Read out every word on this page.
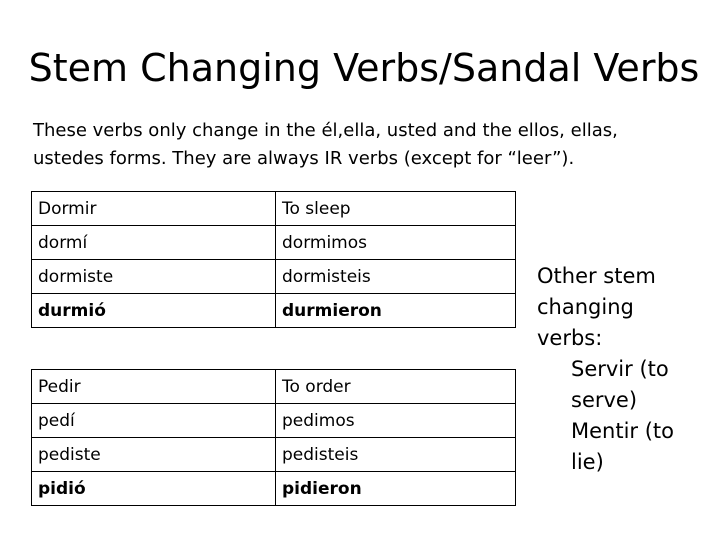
Stem Changing Verbs/Sandal Verbs
These verbs only change in the él,ella, usted and the ellos, ellas,
ustedes forms. They are always IR verbs (except for “leer”).
Dormir	To sleep
dormí	dormimos
dormiste	dormisteis
durmió	durmieron
Pedir	To order
pedí	pedimos
pediste	pedisteis
pidió	pidieron
Other stem
changing
verbs:
Servir (to
serve)
Mentir (to
lie)
